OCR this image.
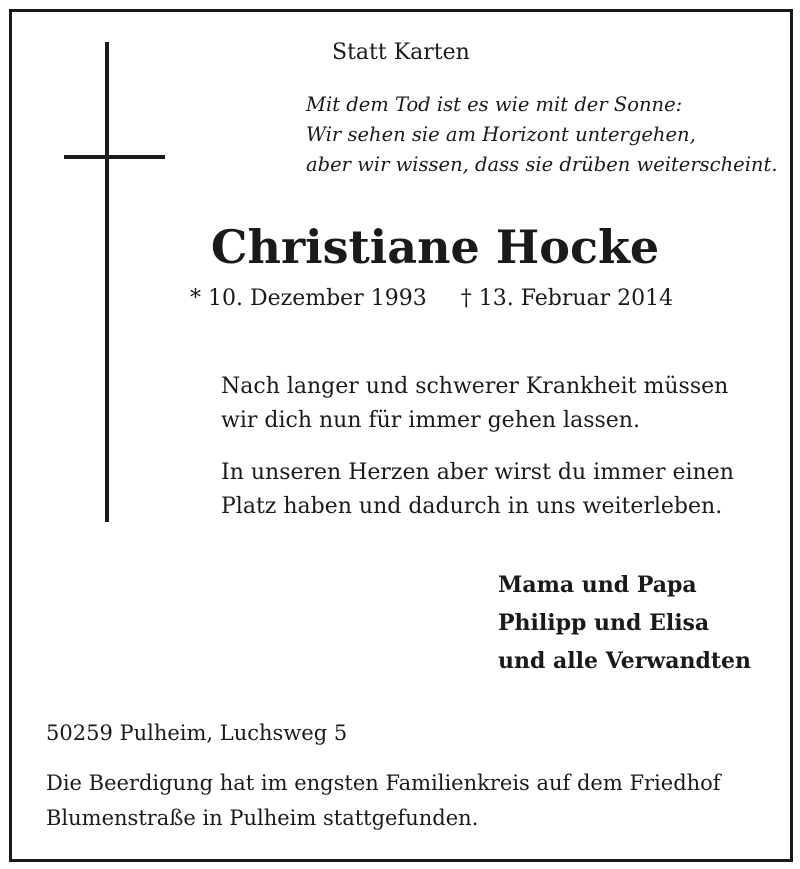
Statt Karten
Mit dem Tod ist es wie mit der Sonne:
Wir sehen sie am Horizont untergehen,
aber wir wissen, dass sie drüben weiterscheint.
Christiane Hocke
* 10. Dezember 1993 † 13. Februar 2014

Nach langer und schwerer Krankheit müssen
wir dich nun für immer gehen lassen.

In unseren Herzen aber wirst du immer einen
Platz haben und dadurch in uns weiterleben.

Mama und Papa
Philipp und Elisa
und alle Verwandten
50259 Pulheim, Luchsweg 5
Die Beerdigung hat im engsten Familienkreis auf dem Friedhof
Blumenstraße in Pulheim stattgefunden.
